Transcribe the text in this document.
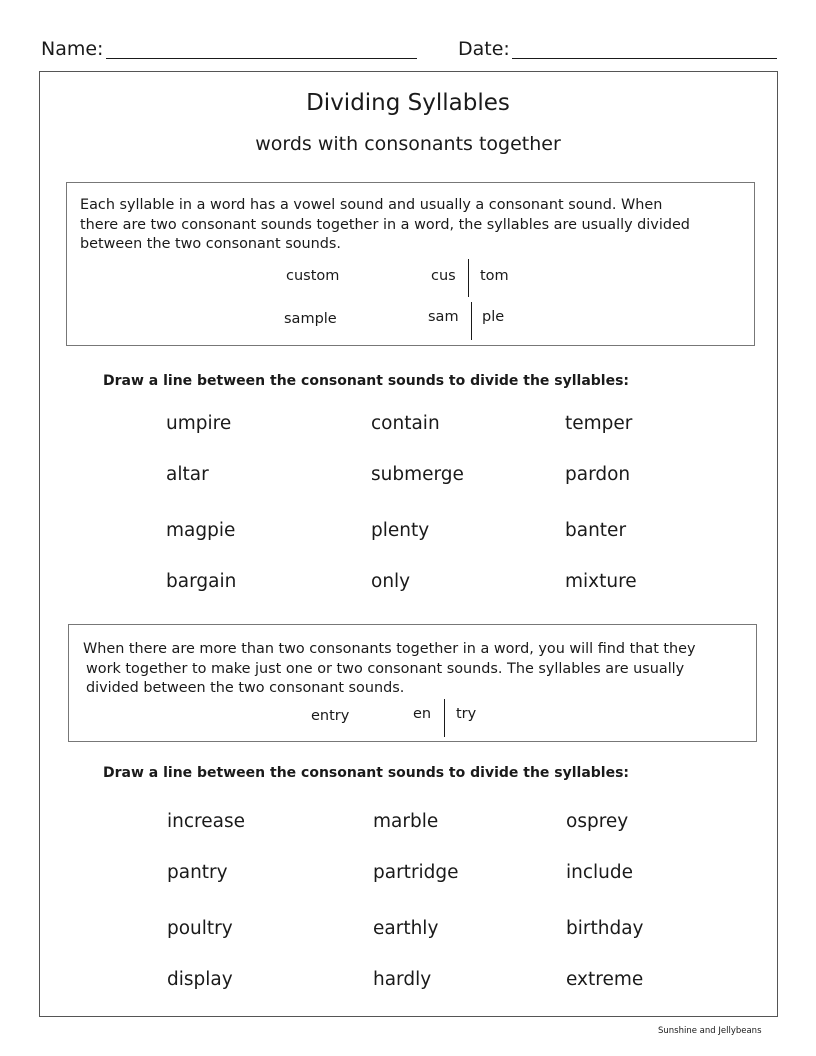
Name:	Date:
Dividing Syllables
words with consonants together
Each syllable in a word has a vowel sound and usually a consonant sound. When
there are two consonant sounds together in a word, the syllables are usually divided
between the two consonant sounds.
custom	cus tom
sample	sam ple
Draw a line between the consonant sounds to divide the syllables:
umpire	contain	temper
altar	submerge	pardon
magpie	plenty	banter
bargain	only	mixture
When there are more than two consonants together in a word, you will find that they
work together to make just one or two consonant sounds. The syllables are usually
divided between the two consonant sounds.
entry	en try
Draw a line between the consonant sounds to divide the syllables:
increase	marble	osprey
pantry	partridge	include
poultry	earthly	birthday
display	hardly	extreme
Sunshine and Jellybeans
